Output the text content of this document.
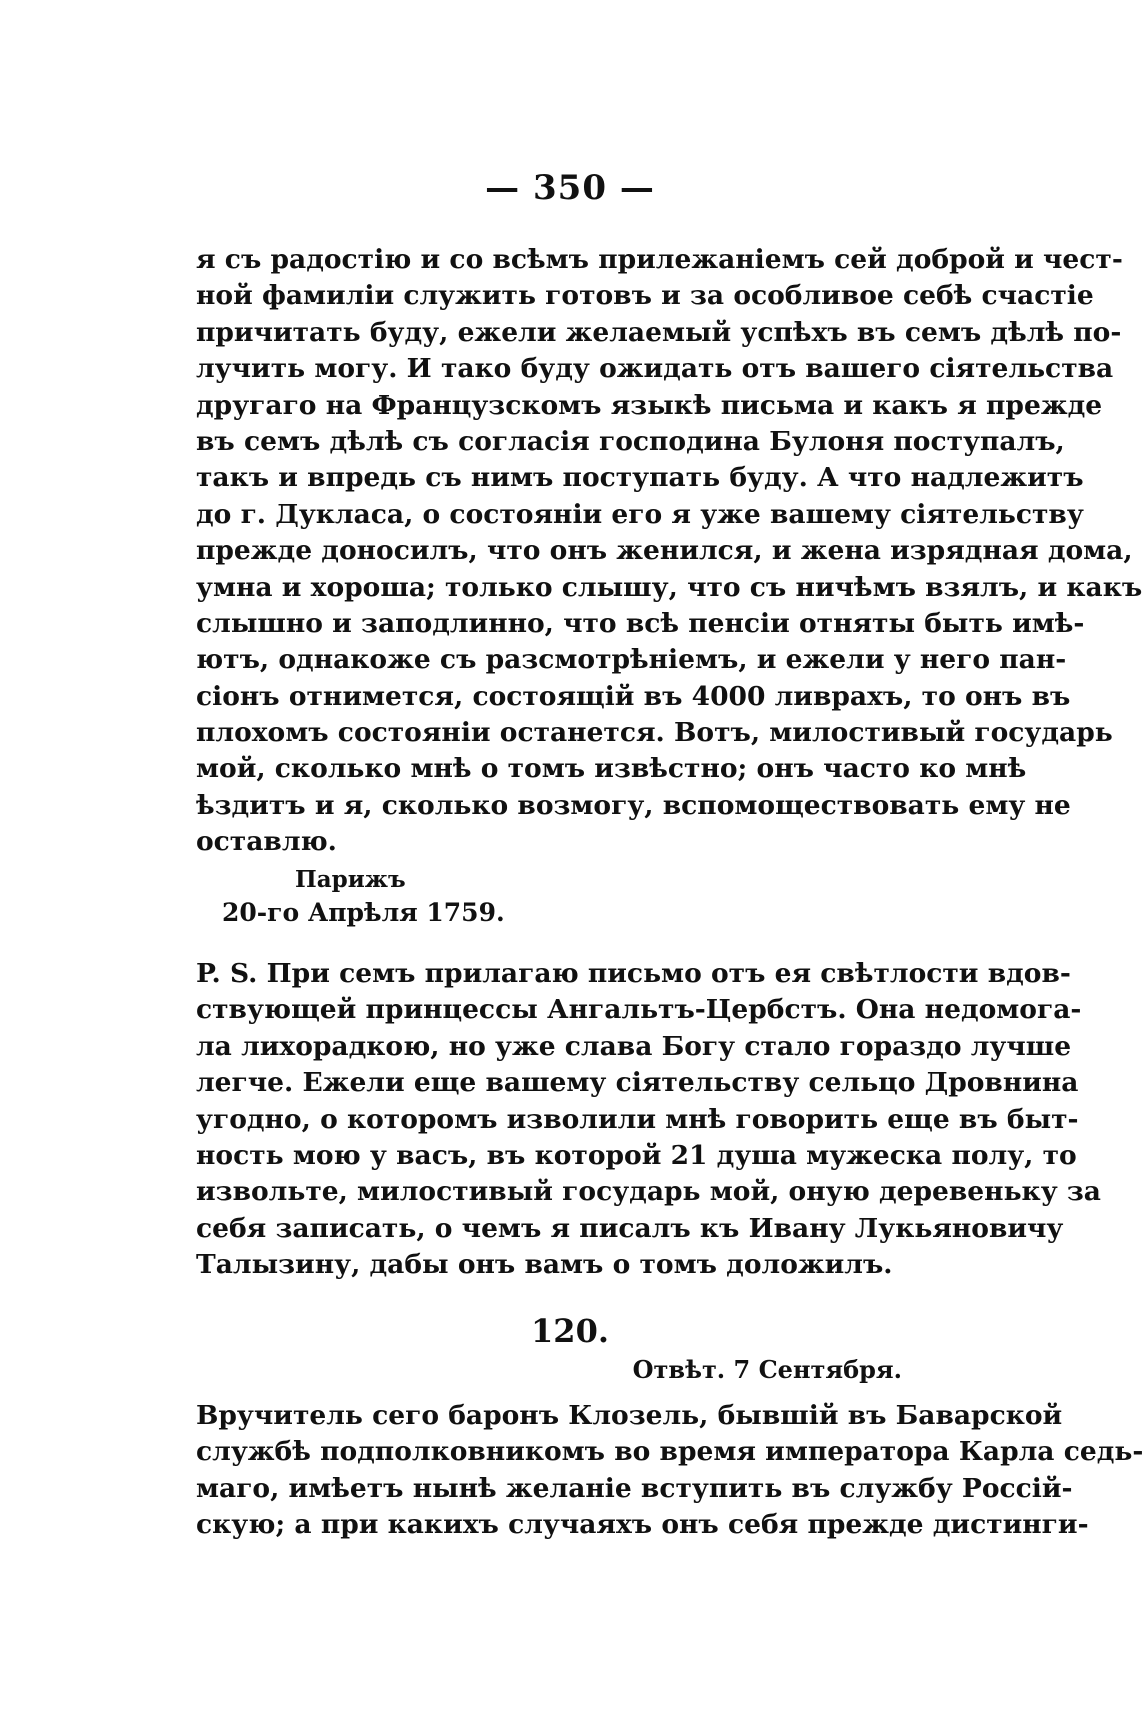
— 350 —
я съ радостію и со всѣмъ прилежаніемъ сей доброй и чест-
ной фамиліи служить готовъ и за особливое себѣ счастіе
причитать буду, ежели желаемый успѣхъ въ семъ дѣлѣ по-
лучить могу. И тако буду ожидать отъ вашего сіятельства
другаго на Французскомъ языкѣ письма и какъ я прежде
въ семъ дѣлѣ съ согласія господина Булоня поступалъ,
такъ и впредь съ нимъ поступать буду. А что надлежитъ
до г. Дукласа, о состояніи его я уже вашему сіятельству
прежде доносилъ, что онъ женился, и жена изрядная дома,
умна и хороша; только слышу, что съ ничѣмъ взялъ, и какъ
слышно и заподлинно, что всѣ пенсіи отняты быть имѣ-
ютъ, однакоже съ разсмотрѣніемъ, и ежели у него пан-
сіонъ отнимется, состоящій въ 4000 ливрахъ, то онъ въ
плохомъ состояніи останется. Вотъ, милостивый государь
мой, сколько мнѣ о томъ извѣстно; онъ часто ко мнѣ
ѣздитъ и я, сколько возмогу, вспомоществовать ему не
оставлю.
Парижъ
20-го Апрѣля 1759.
P. S. При семъ прилагаю письмо отъ ея свѣтлости вдов-
ствующей принцессы Ангальтъ-Цербстъ. Она недомога-
ла лихорадкою, но уже слава Богу стало гораздо лучше
легче. Ежели еще вашему сіятельству сельцо Дровнина
угодно, о которомъ изволили мнѣ говорить еще въ быт-
ность мою у васъ, въ которой 21 душа мужеска полу, то
извольте, милостивый государь мой, оную деревеньку за
себя записать, о чемъ я писалъ къ Ивану Лукьяновичу
Талызину, дабы онъ вамъ о томъ доложилъ.
120.
Отвѣт. 7 Сентября.
Вручитель сего баронъ Клозель, бывшій въ Баварской
службѣ подполковникомъ во время императора Карла седь-
маго, имѣетъ нынѣ желаніе вступить въ службу Россій-
скую; а при какихъ случаяхъ онъ себя прежде дистинги-
